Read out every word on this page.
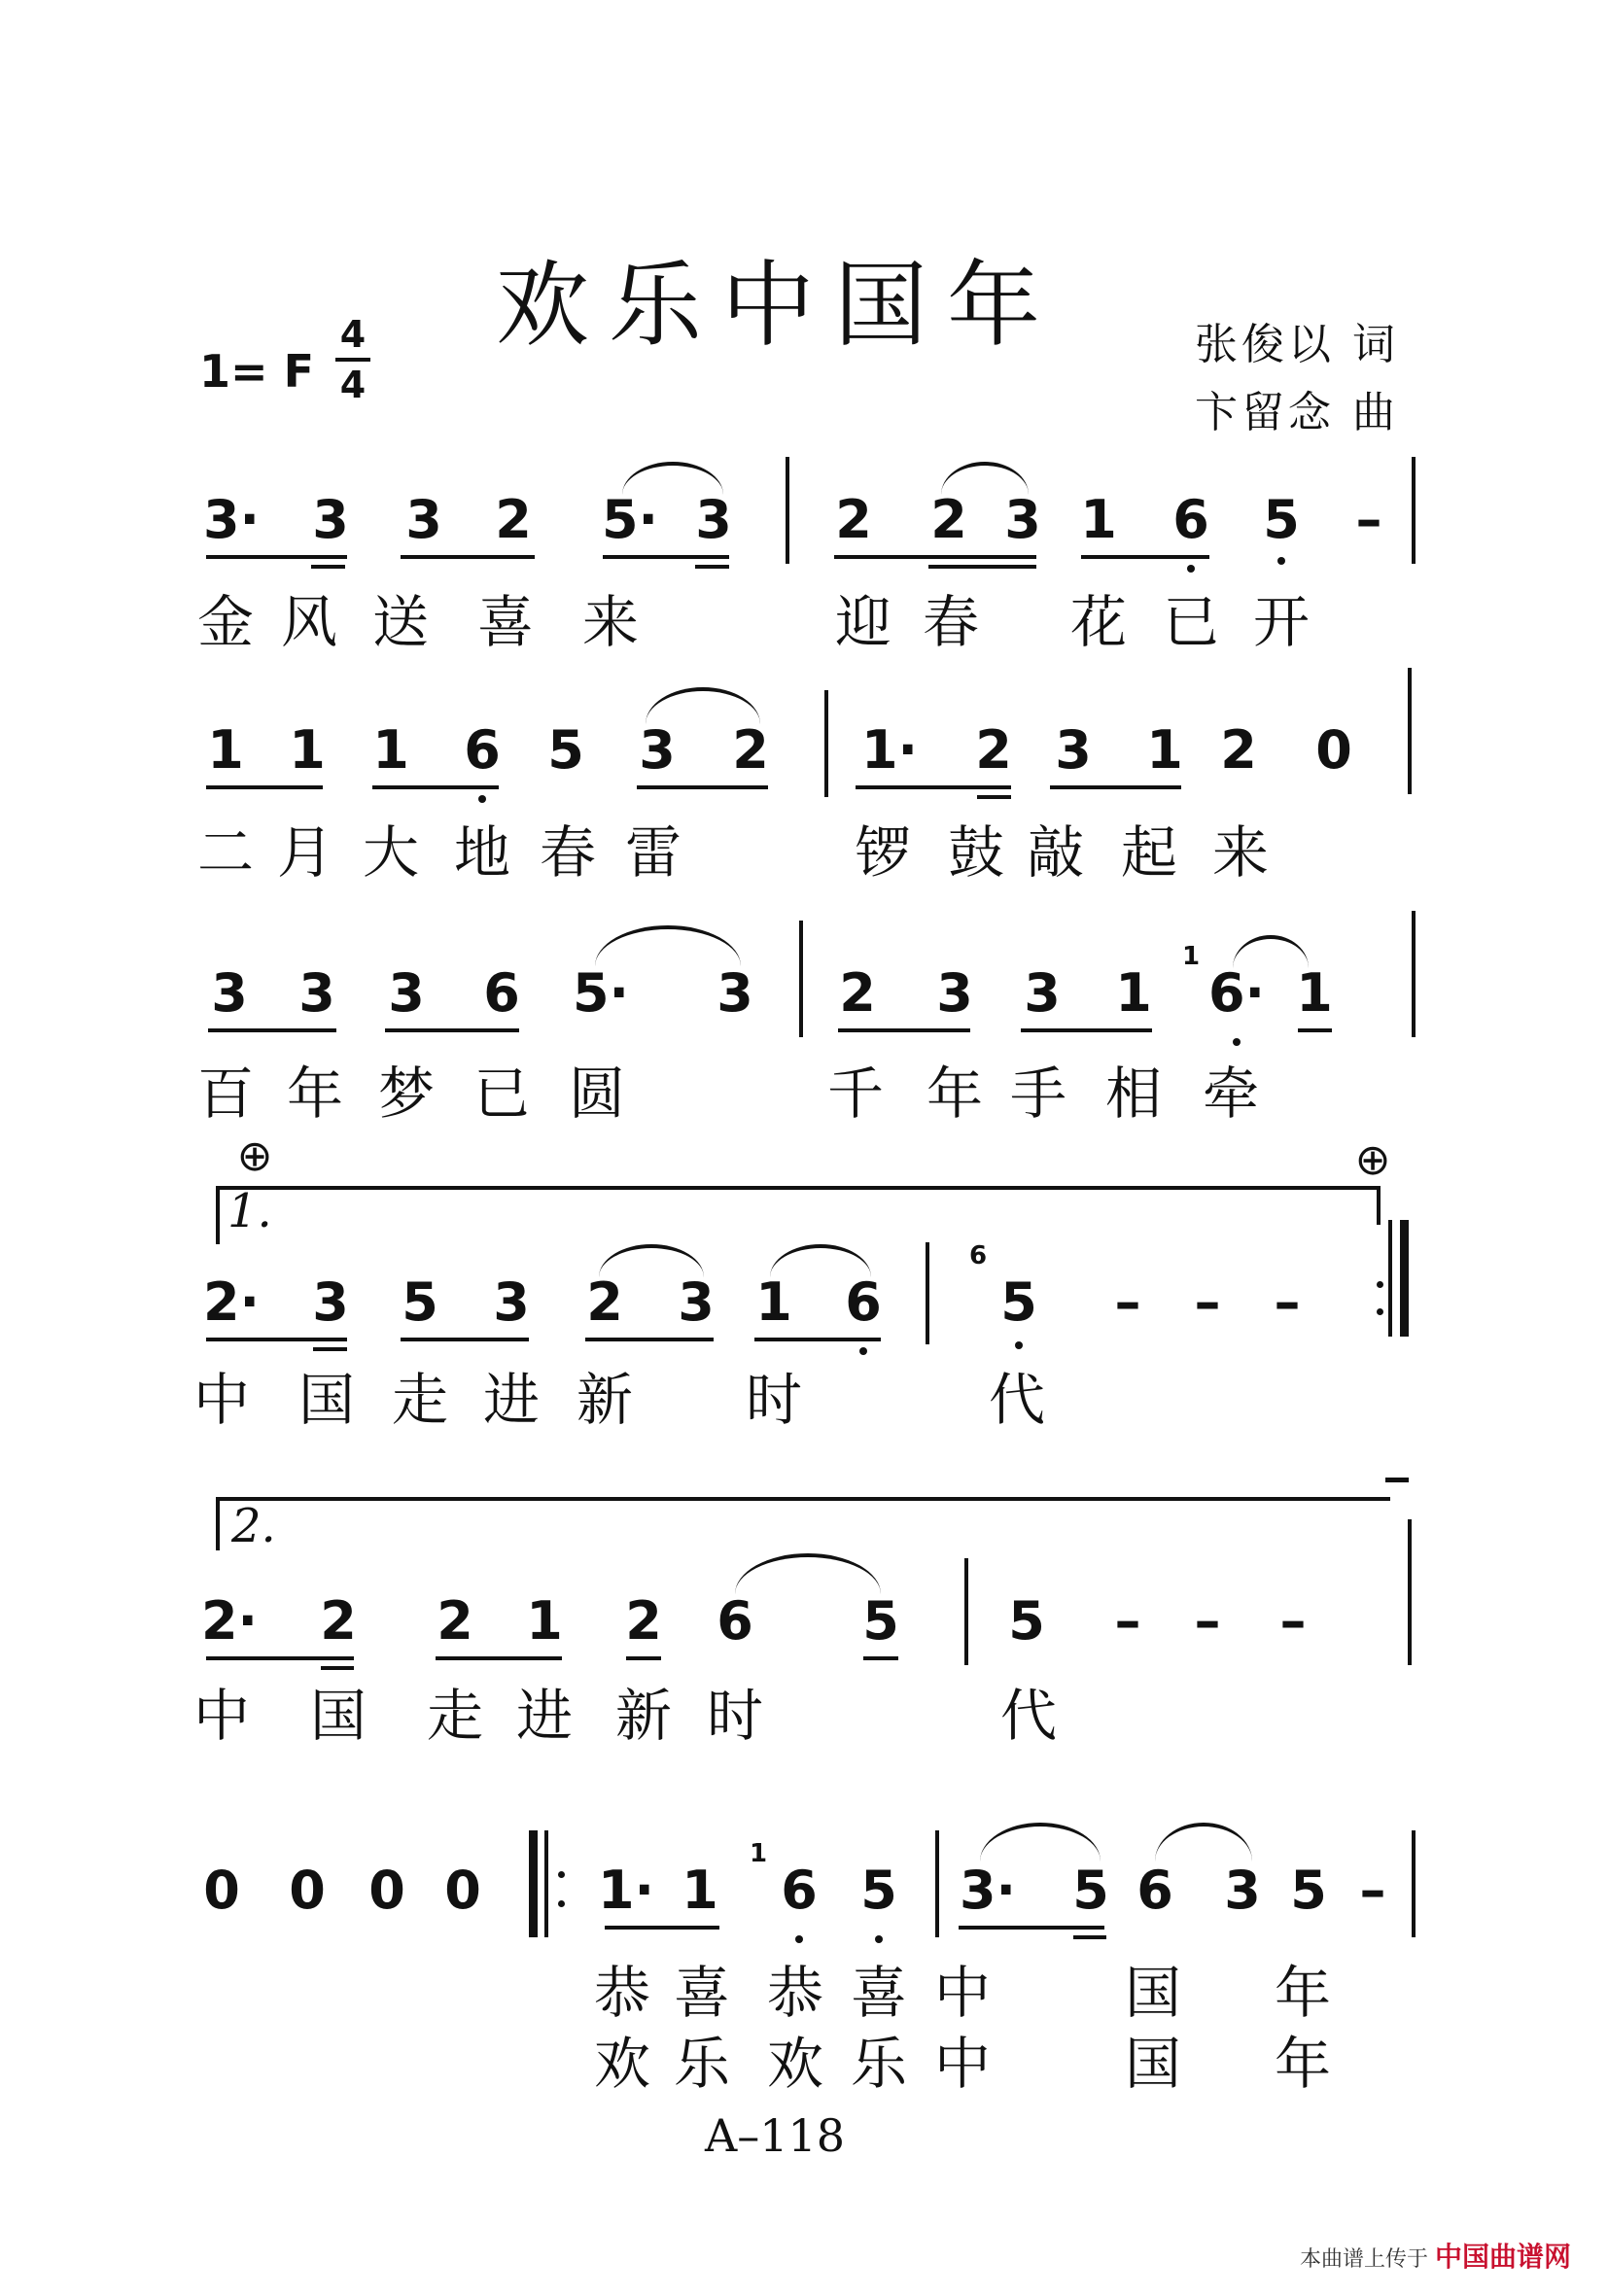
欢乐中国年
1= F
4
4
张俊以 词
卞留念 曲
3· 3 3 2 5· 3 2 2 3 1 6 5 –
金 风 送 喜 来	迎 春 花 已 开
1 1 1 6 5 3 2 1· 2 3 1 2 0
二 月 大 地 春 雷	锣 鼓 敲 起 来
3 3 3 6 5· 3 2 3 3 1
1
6· 1
百 年 梦 已 圆	千 年 手 相 牵
⊕	⊕
1.
2· 3 5 3 2 3 1 6
6
5 – – –
中 国 走 进 新 时	代
2.
2· 2 2 1 2 6 5 5 – – –
中 国 走 进 新 时	代
0 0 0 0 1· 1
1
6 5 3· 5 6 3 5 –
恭 喜 恭 喜 中 国 年
欢 乐 欢 乐 中 国 年
A–118
本曲谱上传于 中国曲谱网
